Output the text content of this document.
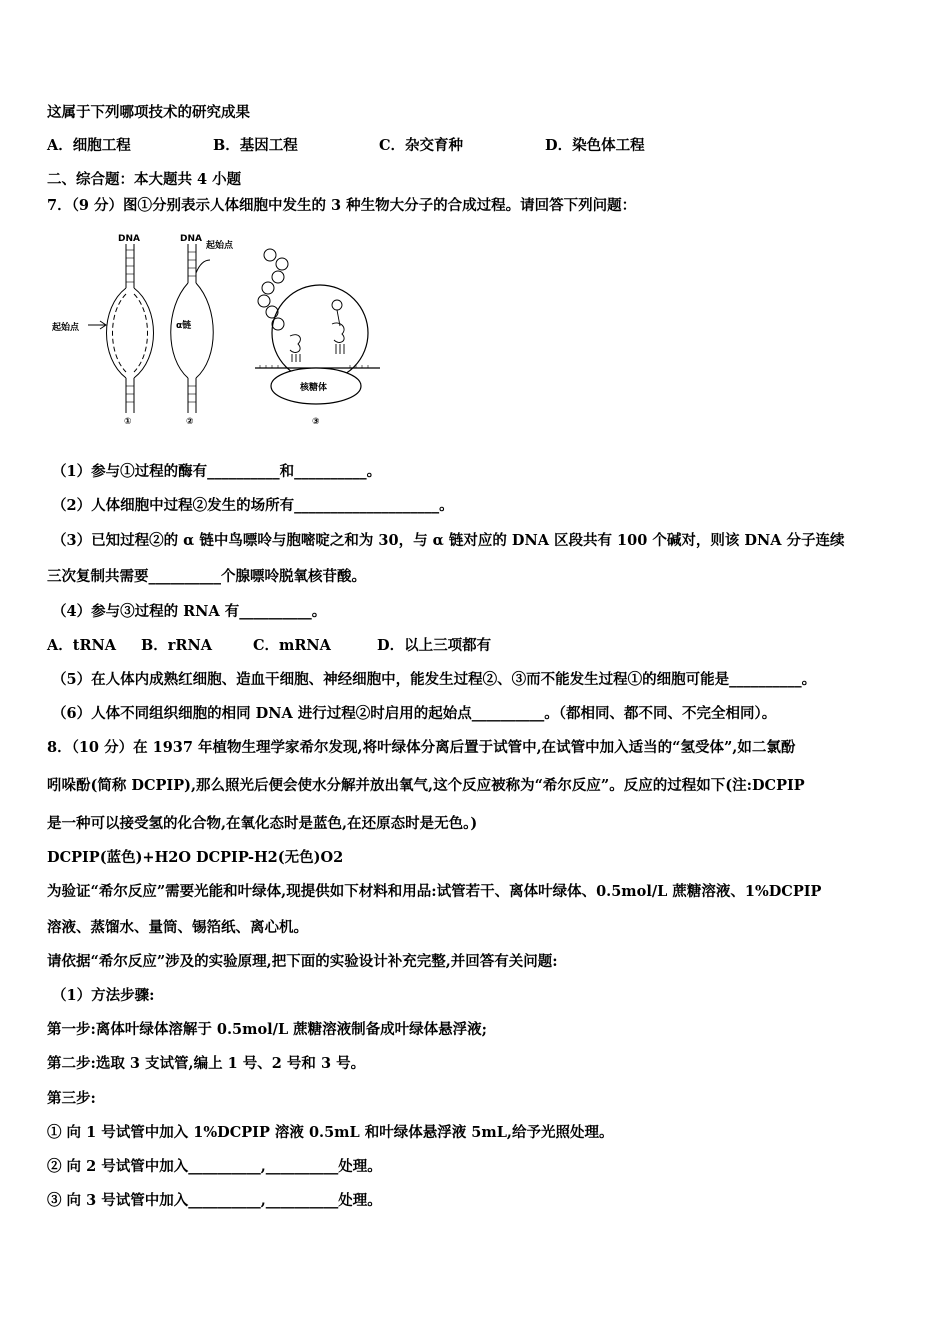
这属于下列哪项技术的研究成果
A．细胞工程	B．基因工程	C．杂交育种	D．染色体工程
二、综合题：本大题共 4 小题
7．（9 分）图①分别表示人体细胞中发生的 3 种生物大分子的合成过程。请回答下列问题：
DNA
起始点
①
DNA
起始点
α链
②
核糖体
③
（1）参与①过程的酶有__________和__________。
（2）人体细胞中过程②发生的场所有____________________。
（3）已知过程②的 α 链中鸟嘌呤与胞嘧啶之和为 30，与 α 链对应的 DNA 区段共有 100 个碱对，则该 DNA 分子连续
三次复制共需要__________个腺嘌呤脱氧核苷酸。
（4）参与③过程的 RNA 有__________。
A．tRNA B．rRNA	C．mRNA	D．以上三项都有
（5）在人体内成熟红细胞、造血干细胞、神经细胞中，能发生过程②、③而不能发生过程①的细胞可能是__________。
（6）人体不同组织细胞的相同 DNA 进行过程②时启用的起始点__________。（都相同、都不同、不完全相同）。
8．（10 分）在 1937 年植物生理学家希尔发现,将叶绿体分离后置于试管中,在试管中加入适当的“氢受体”,如二氯酚
吲哚酚(简称 DCPIP),那么照光后便会使水分解并放出氧气,这个反应被称为“希尔反应”。反应的过程如下(注:DCPIP
是一种可以接受氢的化合物,在氧化态时是蓝色,在还原态时是无色。)
DCPIP(蓝色)+H2O DCPIP-H2(无色)O2
为验证“希尔反应”需要光能和叶绿体,现提供如下材料和用品:试管若干、离体叶绿体、0.5mol/L 蔗糖溶液、1%DCPIP
溶液、蒸馏水、量筒、锡箔纸、离心机。
请依据“希尔反应”涉及的实验原理,把下面的实验设计补充完整,并回答有关问题:
（1）方法步骤:
第一步:离体叶绿体溶解于 0.5mol/L 蔗糖溶液制备成叶绿体悬浮液;
第二步:选取 3 支试管,编上 1 号、2 号和 3 号。
第三步:
① 向 1 号试管中加入 1%DCPIP 溶液 0.5mL 和叶绿体悬浮液 5mL,给予光照处理。
② 向 2 号试管中加入__________,__________处理。
③ 向 3 号试管中加入__________,__________处理。
